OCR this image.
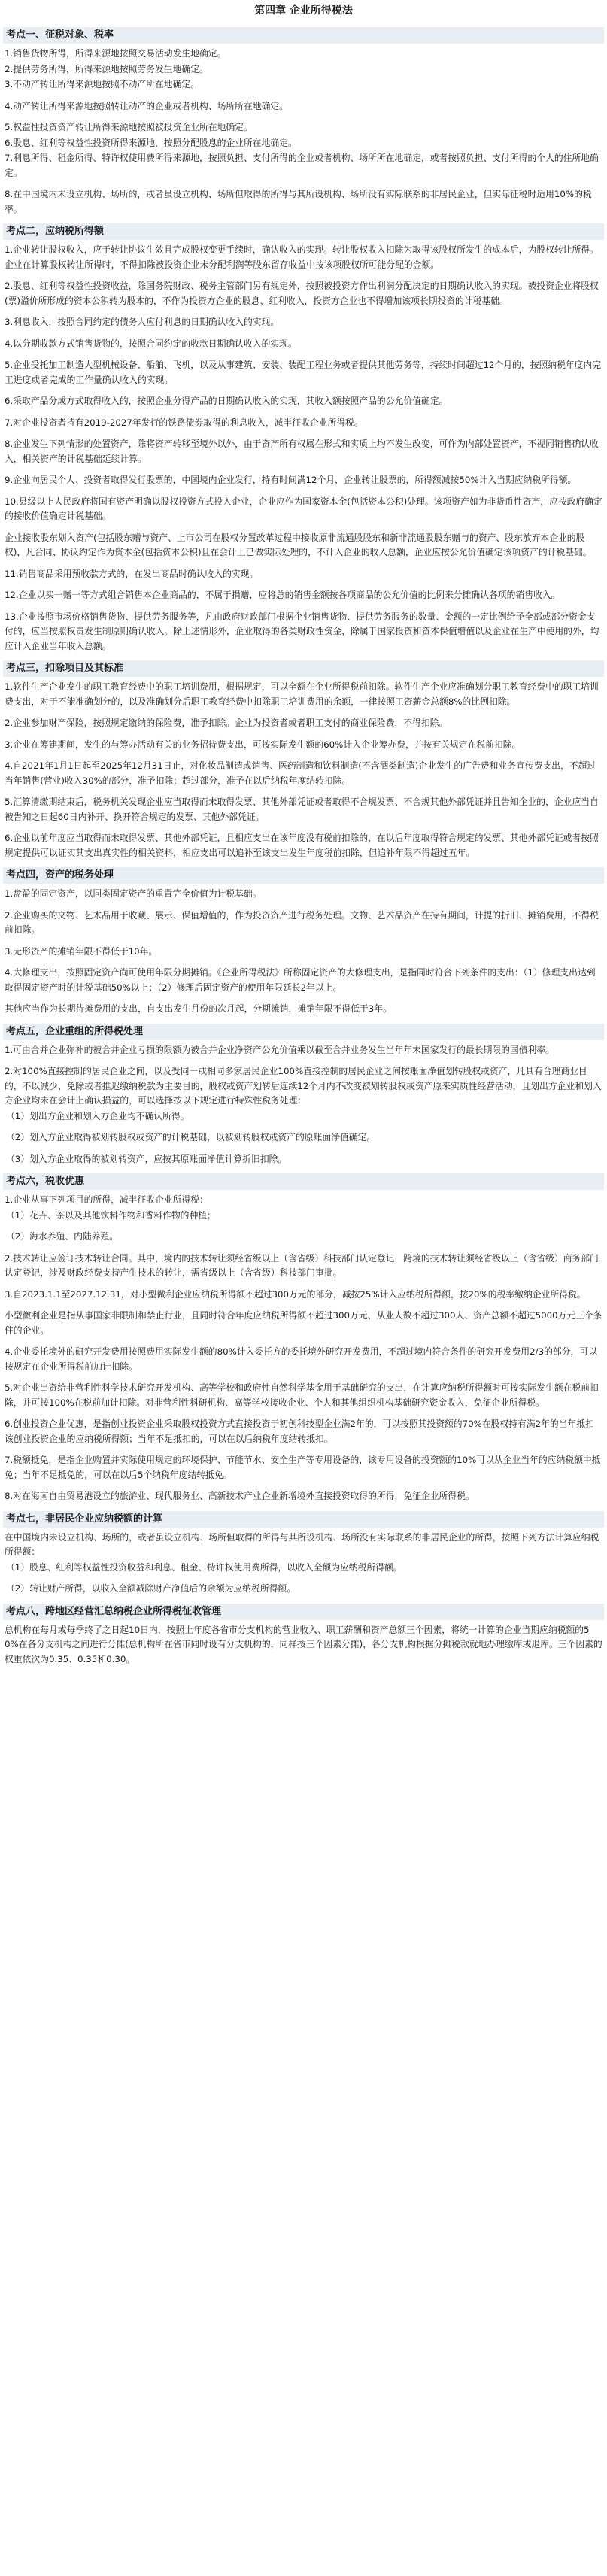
第四章 企业所得税法
考点一、征税对象、税率

1.销售货物所得，所得来源地按照交易活动发生地确定。

2.提供劳务所得，所得来源地按照劳务发生地确定。

3.不动产转让所得来源地按照不动产所在地确定。

4.动产转让所得来源地按照转让动产的企业或者机构、场所所在地确定。

5.权益性投资资产转让所得来源地按照被投资企业所在地确定。

6.股息、红利等权益性投资所得来源地，按照分配股息的企业所在地确定。

7.利息所得、租金所得、特许权使用费所得来源地，按照负担、支付所得的企业或者机构、场所所在地确定，或者按照负担、支付所得的个人的住所地确定。

8.在中国境内未设立机构、场所的，或者虽设立机构、场所但取得的所得与其所设机构、场所没有实际联系的非居民企业，但实际征税时适用10%的税率。

考点二，应纳税所得额

1.企业转让股权收入，应于转让协议生效且完成股权变更手续时，确认收入的实现。转让股权收入扣除为取得该股权所发生的成本后，为股权转让所得。企业在计算股权转让所得时，不得扣除被投资企业未分配利润等股东留存收益中按该项股权所可能分配的金额。

2.股息、红利等权益性投资收益，除国务院财政、税务主管部门另有规定外，按照被投资方作出利润分配决定的日期确认收入的实现。被投资企业将股权(票)溢价所形成的资本公积转为股本的，不作为投资方企业的股息、红利收入，投资方企业也不得增加该项长期投资的计税基础。

3.利息收入，按照合同约定的债务人应付利息的日期确认收入的实现。

4.以分期收款方式销售货物的，按照合同约定的收款日期确认收入的实现。

5.企业受托加工制造大型机械设备、船舶、飞机，以及从事建筑、安装、装配工程业务或者提供其他劳务等，持续时间超过12个月的，按照纳税年度内完工进度或者完成的工作量确认收入的实现。

6.采取产品分成方式取得收入的，按照企业分得产品的日期确认收入的实现，其收入额按照产品的公允价值确定。

7.对企业投资者持有2019-2027年发行的铁路债券取得的利息收入，减半征收企业所得税。

8.企业发生下列情形的处置资产，除将资产转移至境外以外，由于资产所有权属在形式和实质上均不发生改变，可作为内部处置资产，不视同销售确认收入，相关资产的计税基础延续计算。

9.企业向居民个人、投资者取得发行股票的，中国境内企业发行，持有时间满12个月，企业转让股票的，所得额减按50%计入当期应纳税所得额。

10.县级以上人民政府将国有资产明确以股权投资方式投入企业，企业应作为国家资本金(包括资本公积)处理。该项资产如为非货币性资产，应按政府确定的接收价值确定计税基础。

企业接收股东划入资产(包括股东赠与资产、上市公司在股权分置改革过程中接收原非流通股股东和新非流通股股东赠与的资产、股东放弃本企业的股权)，凡合同、协议约定作为资本金(包括资本公积)且在会计上已做实际处理的，不计入企业的收入总额，企业应按公允价值确定该项资产的计税基础。

11.销售商品采用预收款方式的，在发出商品时确认收入的实现。

12.企业以买一赠一等方式组合销售本企业商品的，不属于捐赠，应将总的销售金额按各项商品的公允价值的比例来分摊确认各项的销售收入。

13.企业按照市场价格销售货物、提供劳务服务等，凡由政府财政部门根据企业销售货物、提供劳务服务的数量、金额的一定比例给予全部或部分资金支付的，应当按照权责发生制原则确认收入。除上述情形外，企业取得的各类财政性资金，除属于国家投资和资本保值增值以及企业在生产中使用的外，均应计入企业当年收入总额。

考点三，扣除项目及其标准

1.软件生产企业发生的职工教育经费中的职工培训费用，根据规定，可以全额在企业所得税前扣除。软件生产企业应准确划分职工教育经费中的职工培训费支出，对于不能准确划分的，以及准确划分后职工教育经费中扣除职工培训费用的余额，一律按照工资薪金总额8%的比例扣除。

2.企业参加财产保险，按照规定缴纳的保险费，准予扣除。企业为投资者或者职工支付的商业保险费，不得扣除。

3.企业在筹建期间，发生的与筹办活动有关的业务招待费支出，可按实际发生额的60%计入企业筹办费，并按有关规定在税前扣除。

4.自2021年1月1日起至2025年12月31日止，对化妆品制造或销售、医药制造和饮料制造(不含酒类制造)企业发生的广告费和业务宣传费支出，不超过当年销售(营业)收入30%的部分，准予扣除；超过部分，准予在以后纳税年度结转扣除。

5.汇算清缴期结束后，税务机关发现企业应当取得而未取得发票、其他外部凭证或者取得不合规发票、不合规其他外部凭证并且告知企业的，企业应当自被告知之日起60日内补开、换开符合规定的发票、其他外部凭证。

6.企业以前年度应当取得而未取得发票、其他外部凭证，且相应支出在该年度没有税前扣除的，在以后年度取得符合规定的发票、其他外部凭证或者按照规定提供可以证实其支出真实性的相关资料，相应支出可以追补至该支出发生年度税前扣除，但追补年限不得超过五年。

考点四，资产的税务处理

1.盘盈的固定资产，以同类固定资产的重置完全价值为计税基础。

2.企业购买的文物、艺术品用于收藏、展示、保值增值的，作为投资资产进行税务处理。文物、艺术品资产在持有期间，计提的折旧、摊销费用，不得税前扣除。

3.无形资产的摊销年限不得低于10年。

4.大修理支出，按照固定资产尚可使用年限分期摊销。《企业所得税法》所称固定资产的大修理支出，是指同时符合下列条件的支出：（1）修理支出达到取得固定资产时的计税基础50%以上；（2）修理后固定资产的使用年限延长2年以上。

其他应当作为长期待摊费用的支出，自支出发生月份的次月起，分期摊销，摊销年限不得低于3年。

考点五，企业重组的所得税处理

1.可由合并企业弥补的被合并企业亏损的限额为被合并企业净资产公允价值乘以截至合并业务发生当年年末国家发行的最长期限的国债利率。

2.对100%直接控制的居民企业之间，以及受同一或相同多家居民企业100%直接控制的居民企业之间按账面净值划转股权或资产，凡具有合理商业目的，不以减少、免除或者推迟缴纳税款为主要目的，股权或资产划转后连续12个月内不改变被划转股权或资产原来实质性经营活动，且划出方企业和划入方企业均未在会计上确认损益的，可以选择按以下规定进行特殊性税务处理：

（1）划出方企业和划入方企业均不确认所得。

（2）划入方企业取得被划转股权或资产的计税基础，以被划转股权或资产的原账面净值确定。

（3）划入方企业取得的被划转资产，应按其原账面净值计算折旧扣除。

考点六，税收优惠

1.企业从事下列项目的所得，减半征收企业所得税：

（1）花卉、茶以及其他饮料作物和香料作物的种植；

（2）海水养殖、内陆养殖。

2.技术转让应签订技术转让合同。其中，境内的技术转让须经省级以上（含省级）科技部门认定登记，跨境的技术转让须经省级以上（含省级）商务部门认定登记，涉及财政经费支持产生技术的转让，需省级以上（含省级）科技部门审批。

3.自2023.1.1至2027.12.31，对小型微利企业应纳税所得额不超过300万元的部分，减按25%计入应纳税所得额，按20%的税率缴纳企业所得税。

小型微利企业是指从事国家非限制和禁止行业，且同时符合年度应纳税所得额不超过300万元、从业人数不超过300人、资产总额不超过5000万元三个条件的企业。

4.企业委托境外的研究开发费用按照费用实际发生额的80%计入委托方的委托境外研究开发费用，不超过境内符合条件的研究开发费用2/3的部分，可以按规定在企业所得税前加计扣除。

5.对企业出资给非营利性科学技术研究开发机构、高等学校和政府性自然科学基金用于基础研究的支出，在计算应纳税所得额时可按实际发生额在税前扣除，并可按100%在税前加计扣除。对非营利性科研机构、高等学校接收企业、个人和其他组织机构基础研究资金收入，免征企业所得税。

6.创业投资企业优惠，是指创业投资企业采取股权投资方式直接投资于初创科技型企业满2年的，可以按照其投资额的70%在股权持有满2年的当年抵扣该创业投资企业的应纳税所得额；当年不足抵扣的，可以在以后纳税年度结转抵扣。

7.税额抵免，是指企业购置并实际使用规定的环境保护、节能节水、安全生产等专用设备的，该专用设备的投资额的10%可以从企业当年的应纳税额中抵免；当年不足抵免的，可以在以后5个纳税年度结转抵免。

8.对在海南自由贸易港设立的旅游业、现代服务业、高新技术产业企业新增境外直接投资取得的所得，免征企业所得税。

考点七，非居民企业应纳税额的计算

在中国境内未设立机构、场所的，或者虽设立机构、场所但取得的所得与其所设机构、场所没有实际联系的非居民企业的所得，按照下列方法计算应纳税所得额：

（1）股息、红利等权益性投资收益和利息、租金、特许权使用费所得，以收入全额为应纳税所得额。

（2）转让财产所得，以收入全额减除财产净值后的余额为应纳税所得额。

考点八，跨地区经营汇总纳税企业所得税征收管理

总机构在每月或每季终了之日起10日内，按照上年度各省市分支机构的营业收入、职工薪酬和资产总额三个因素，将统一计算的企业当期应纳税额的50%在各分支机构之间进行分摊(总机构所在省市同时设有分支机构的，同样按三个因素分摊)，各分支机构根据分摊税款就地办理缴库或退库。三个因素的权重依次为0.35、0.35和0.30。
